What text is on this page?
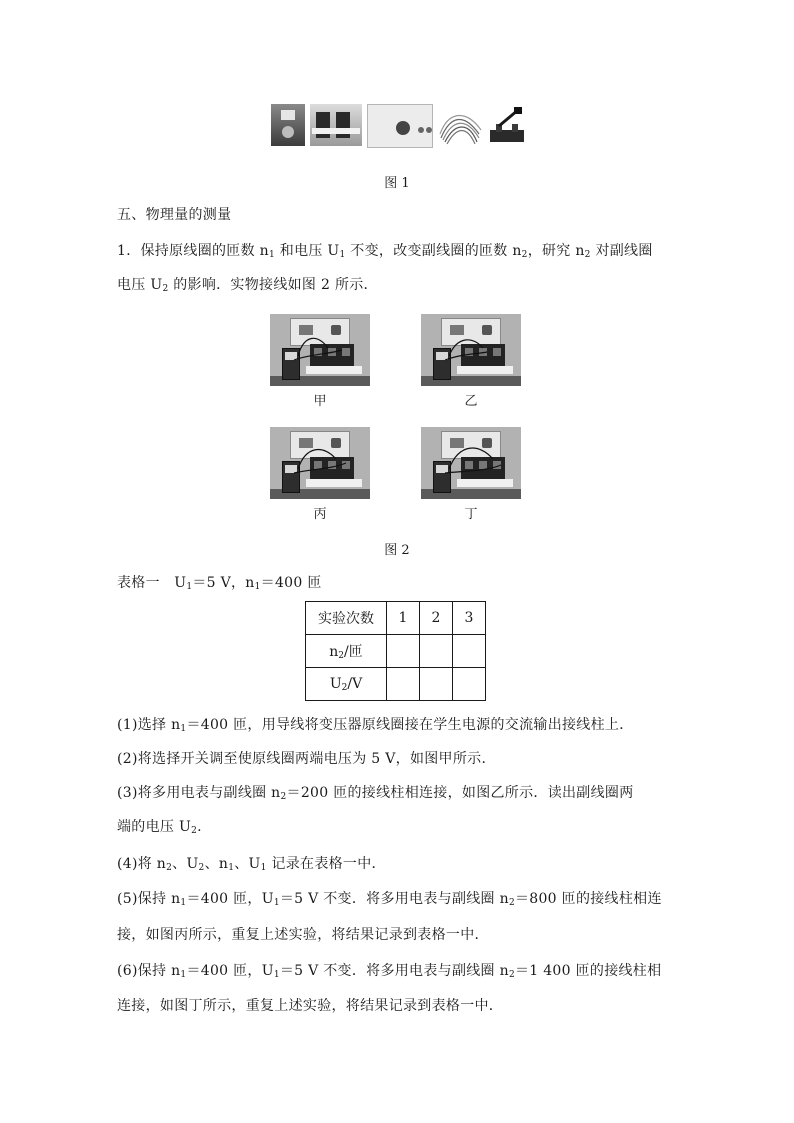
图 1
五、物理量的测量
1．保持原线圈的匝数 $n_1$ 和电压 $U_1$ 不变，改变副线圈的匝数 $n_2$，研究 $n_2$ 对副线圈
电压 $U_2$ 的影响．实物接线如图 2 所示．
甲	乙
丙	丁
图 2
表格一　$U_1=5$ V，$n_1=400$ 匝
实验次数	1	2	3
$n_2/$匝			
$U_2/V$			
(1)选择 $n_1=400$ 匝，用导线将变压器原线圈接在学生电源的交流输出接线柱上．
(2)将选择开关调至使原线圈两端电压为 5 V，如图甲所示．
(3)将多用电表与副线圈 $n_2=200$ 匝的接线柱相连接，如图乙所示．读出副线圈两
端的电压 $U_2$.
(4)将 $n_2$、$U_2$、$n_1$、$U_1$ 记录在表格一中．
(5)保持 $n_1=400$ 匝，$U_1=5$ V 不变．将多用电表与副线圈 $n_2=800$ 匝的接线柱相连
接，如图丙所示，重复上述实验，将结果记录到表格一中．
(6)保持 $n_1=400$ 匝，$U_1=5$ V 不变．将多用电表与副线圈 $n_2=1$ 400 匝的接线柱相
连接，如图丁所示，重复上述实验，将结果记录到表格一中．
